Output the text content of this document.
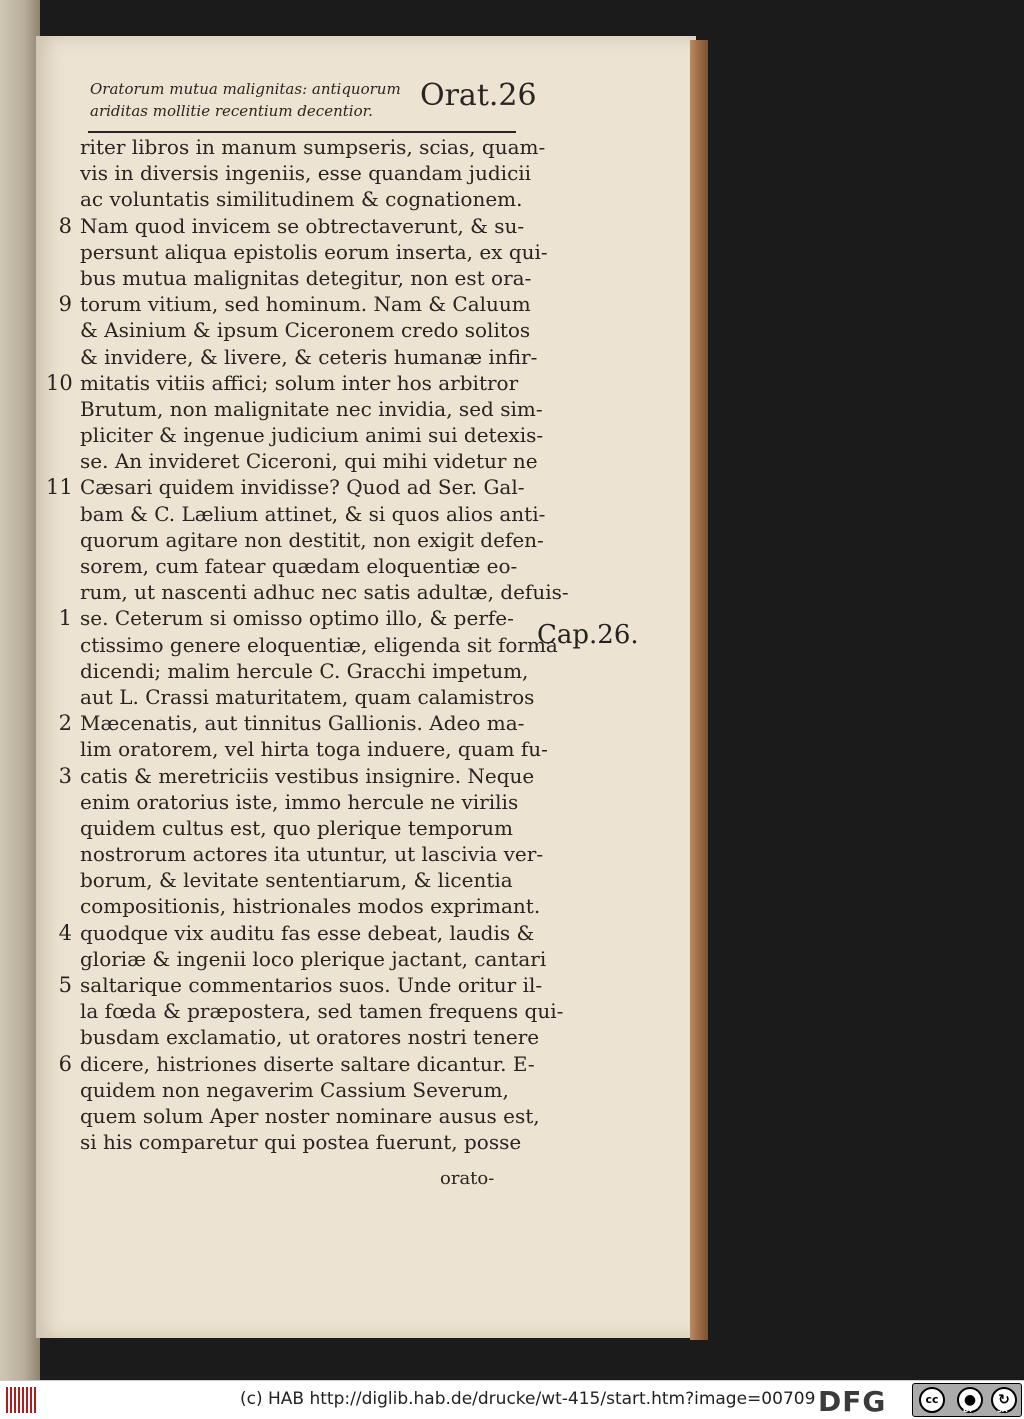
Oratorum mutua malignitas: antiquorum
ariditas mollitie recentium decentior.	Orat.26
riter libros in manum sumpseris, scias, quam-
vis in diversis ingeniis, esse quandam judicii
ac voluntatis similitudinem & cognationem.
8 Nam quod invicem se obtrectaverunt, & su-
persunt aliqua epistolis eorum inserta, ex qui-
bus mutua malignitas detegitur, non est ora-
9 torum vitium, sed hominum. Nam & Caluum
& Asinium & ipsum Ciceronem credo solitos
& invidere, & livere, & ceteris humanæ infir-
10 mitatis vitiis affici; solum inter hos arbitror
Brutum, non malignitate nec invidia, sed sim-
pliciter & ingenue judicium animi sui detexis-
se. An invideret Ciceroni, qui mihi videtur ne
11 Cæsari quidem invidisse? Quod ad Ser. Gal-
bam & C. Lælium attinet, & si quos alios anti-
quorum agitare non destitit, non exigit defen-
sorem, cum fatear quædam eloquentiæ eo-
rum, ut nascenti adhuc nec satis adultæ, defuis-
1 se. Ceterum si omisso optimo illo, & perfe-
ctissimo genere eloquentiæ, eligenda sit forma
dicendi; malim hercule C. Gracchi impetum,
aut L. Crassi maturitatem, quam calamistros
2 Mæcenatis, aut tinnitus Gallionis. Adeo ma-
lim oratorem, vel hirta toga induere, quam fu-
3 catis & meretriciis vestibus insignire. Neque
enim oratorius iste, immo hercule ne virilis
quidem cultus est, quo plerique temporum
nostrorum actores ita utuntur, ut lascivia ver-
borum, & levitate sententiarum, & licentia
compositionis, histrionales modos exprimant.
4 quodque vix auditu fas esse debeat, laudis &
gloriæ & ingenii loco plerique jactant, cantari
5 saltarique commentarios suos. Unde oritur il-
la fœda & præpostera, sed tamen frequens qui-
busdam exclamatio, ut oratores nostri tenere
6 dicere, histriones diserte saltare dicantur. E-
quidem non negaverim Cassium Severum,
quem solum Aper noster nominare ausus est,
si his comparetur qui postea fuerunt, posse
orato-
Cap.26.
(c) HAB http://diglib.hab.de/drucke/wt-415/start.htm?image=00709 DFG	cc	●	↻
BY	SA
